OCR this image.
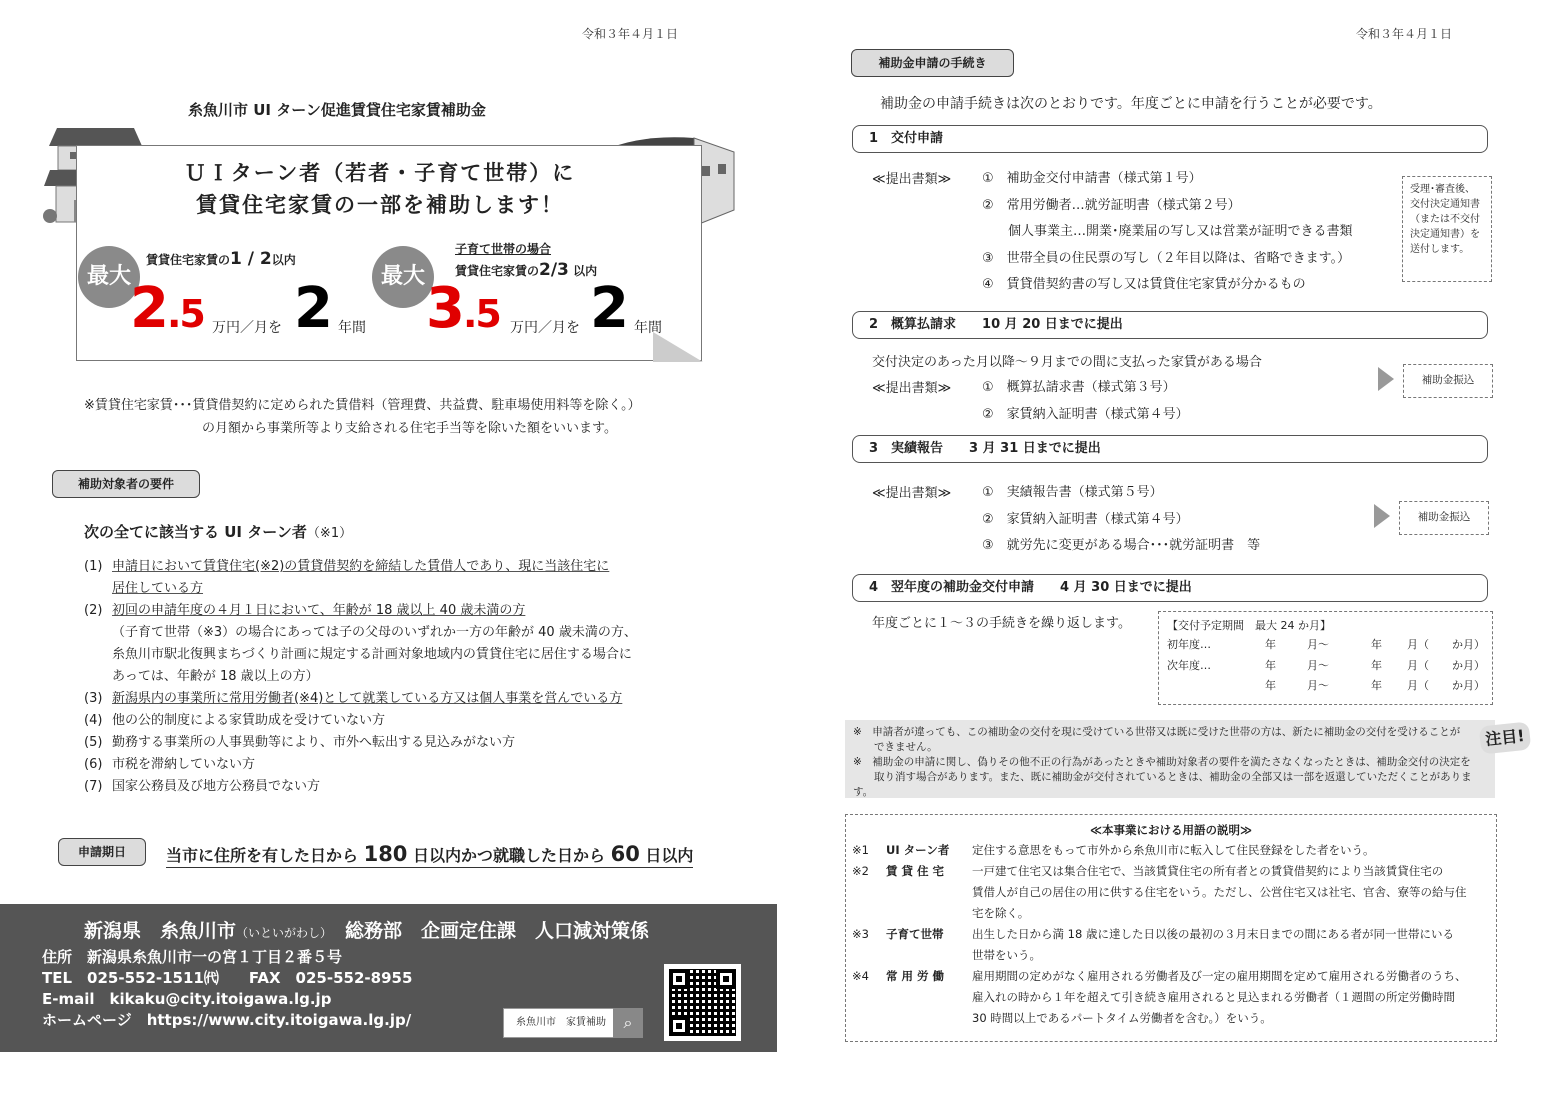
令和３年４月１日
糸魚川市 UI ターン促進賃貸住宅家賃補助金
ＵＩターン者（若者・子育て世帯）に
賃貸住宅家賃の一部を補助します！
最大
賃貸住宅家賃の1 / 2以内
2.5 万円／月を 2 年間
最大
子育て世帯の場合
賃貸住宅家賃の2/3 以内
3.5 万円／月を 2 年間
※賃貸住宅家賃･･･賃貸借契約に定められた賃借料（管理費、共益費、駐車場使用料等を除く。）
の月額から事業所等より支給される住宅手当等を除いた額をいいます。
補助対象者の要件
次の全てに該当する UI ターン者（※1）
(1) 申請日において賃貸住宅(※2)の賃貸借契約を締結した賃借人であり、現に当該住宅に
居住している方
(2) 初回の申請年度の４月１日において、年齢が 18 歳以上 40 歳未満の方
（子育て世帯（※3）の場合にあっては子の父母のいずれか一方の年齢が 40 歳未満の方、
糸魚川市駅北復興まちづくり計画に規定する計画対象地域内の賃貸住宅に居住する場合に
あっては、年齢が 18 歳以上の方）
(3) 新潟県内の事業所に常用労働者(※4)として就業している方又は個人事業を営んでいる方
(4) 他の公的制度による家賃助成を受けていない方
(5) 勤務する事業所の人事異動等により、市外へ転出する見込みがない方
(6) 市税を滞納していない方
(7) 国家公務員及び地方公務員でない方
申請期日	当市に住所を有した日から 180 日以内かつ就職した日から 60 日以内
新潟県　糸魚川市（いといがわし）　総務部　企画定住課　人口減対策係
住所　新潟県糸魚川市一の宮１丁目２番５号
TEL　025-552-1511㈹　　FAX　025-552-8955
E-mail　kikaku@city.itoigawa.lg.jp
ホームページ　https://www.city.itoigawa.lg.jp/	糸魚川市　家賃補助	⌕
令和３年４月１日
補助金申請の手続き
補助金の申請手続きは次のとおりです。年度ごとに申請を行うことが必要です。
1　交付申請
≪提出書類≫ ①　補助金交付申請書（様式第１号）
②　常用労働者…就労証明書（様式第２号）
　　個人事業主…開業･廃業届の写し又は営業が証明できる書類
③　世帯全員の住民票の写し（２年目以降は、省略できます。）
④　賃貸借契約書の写し又は賃貸住宅家賃が分かるもの
受理･審査後、交付決定通知書（または不交付決定通知書）を送付します。
2　概算払請求　　10 月 20 日までに提出
交付決定のあった月以降～９月までの間に支払った家賃がある場合
≪提出書類≫ ①　概算払請求書（様式第３号）
②　家賃納入証明書（様式第４号）
補助金振込
3　実績報告　　3 月 31 日までに提出
≪提出書類≫ ①　実績報告書（様式第５号）
②　家賃納入証明書（様式第４号）
③　就労先に変更がある場合･･･就労証明書　等
補助金振込
4　翌年度の補助金交付申請　　4 月 30 日までに提出
年度ごとに１～３の手続きを繰り返します。	【交付予定期間　最大 24 か月】
初年度…	年	月～	年 月（ か月）
次年度…	年	月～	年 月（ か月）
年	月～	年 月（ か月）
※　申請者が違っても、この補助金の交付を現に受けている世帯又は既に受けた世帯の方は、新たに補助金の交付を受けることが
　　できません。
※　補助金の申請に関し、偽りその他不正の行為があったときや補助対象者の要件を満たさなくなったときは、補助金交付の決定を
　　取り消す場合があります。また、既に補助金が交付されているときは、補助金の全部又は一部を返還していただくことがあります。
注目!
≪本事業における用語の説明≫
※1	UI ターン者	定住する意思をもって市外から糸魚川市に転入して住民登録をした者をいう。
※2	賃 貸 住 宅	一戸建て住宅又は集合住宅で、当該賃貸住宅の所有者との賃貸借契約により当該賃貸住宅の
賃借人が自己の居住の用に供する住宅をいう。ただし、公営住宅又は社宅、官舎、寮等の給与住
宅を除く。
※3	子育て世帯	出生した日から満 18 歳に達した日以後の最初の３月末日までの間にある者が同一世帯にいる
世帯をいう。
※4	常 用 労 働	雇用期間の定めがなく雇用される労働者及び一定の雇用期間を定めて雇用される労働者のうち、
雇入れの時から１年を超えて引き続き雇用されると見込まれる労働者（１週間の所定労働時間
30 時間以上であるパートタイム労働者を含む。）をいう。
